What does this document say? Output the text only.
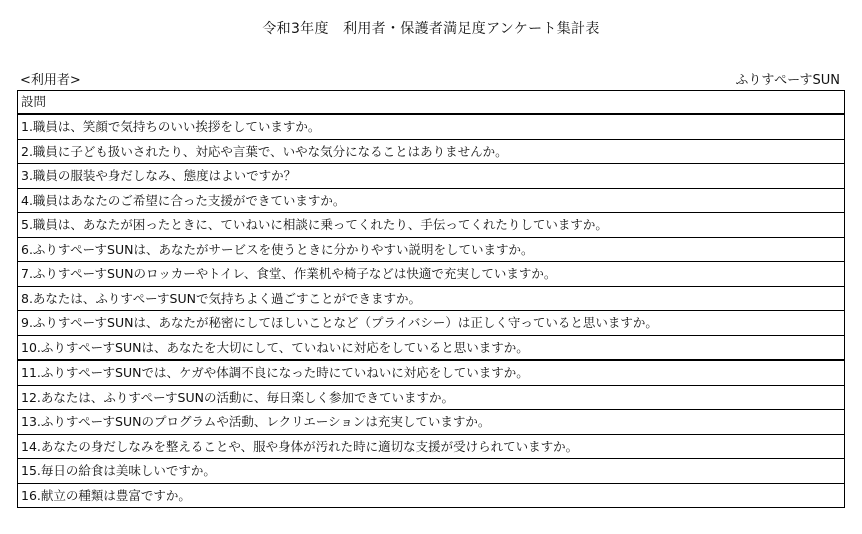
令和3年度　利用者・保護者満足度アンケート集計表
<利用者>	ふりすぺーすSUN
設問
1.職員は、笑顔で気持ちのいい挨拶をしていますか。
2.職員に子ども扱いされたり、対応や言葉で、いやな気分になることはありませんか。
3.職員の服装や身だしなみ、態度はよいですか？
4.職員はあなたのご希望に合った支援ができていますか。
5.職員は、あなたが困ったときに、ていねいに相談に乗ってくれたり、手伝ってくれたりしていますか。
6.ふりすぺーすSUNは、あなたがサービスを使うときに分かりやすい説明をしていますか。
7.ふりすぺーすSUNのロッカーやトイレ、食堂、作業机や椅子などは快適で充実していますか。
8.あなたは、ふりすぺーすSUNで気持ちよく過ごすことができますか。
9.ふりすぺーすSUNは、あなたが秘密にしてほしいことなど（プライバシー）は正しく守っていると思いますか。
10.ふりすぺーすSUNは、あなたを大切にして、ていねいに対応をしていると思いますか。
11.ふりすぺーすSUNでは、ケガや体調不良になった時にていねいに対応をしていますか。
12.あなたは、ふりすぺーすSUNの活動に、毎日楽しく参加できていますか。
13.ふりすぺーすSUNのプログラムや活動、レクリエーションは充実していますか。
14.あなたの身だしなみを整えることや、服や身体が汚れた時に適切な支援が受けられていますか。
15.毎日の給食は美味しいですか。
16.献立の種類は豊富ですか。
